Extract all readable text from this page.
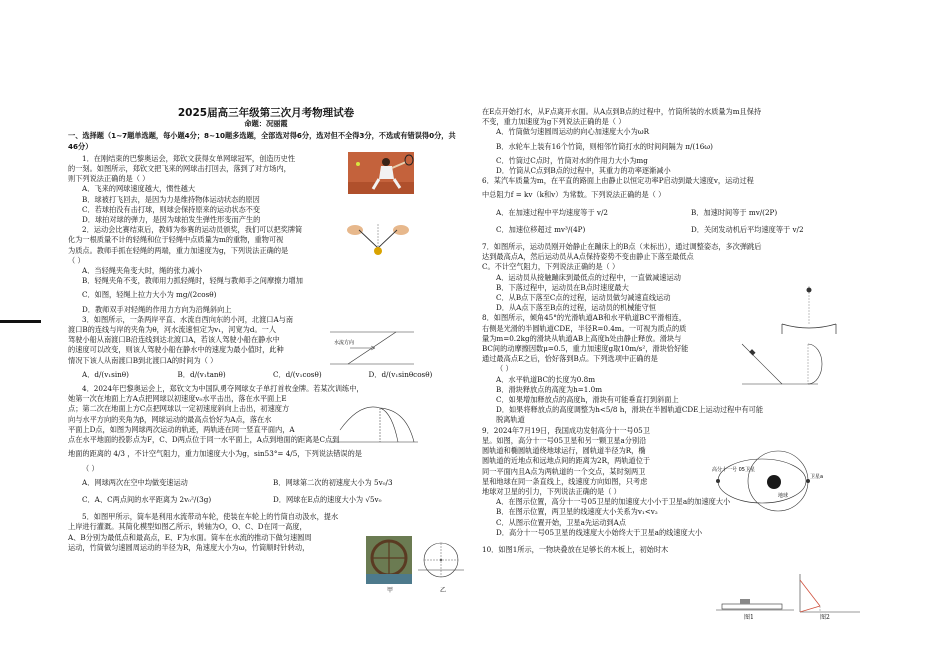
2025届高三年级第三次月考物理试卷
命题：况丽霞
一、选择题（1~7题单选题，每小题4分；8~10题多选题，全部选对得6分，选对但不全得3分，不选或有错误得0分，共46分）

1．在刚结束的巴黎奥运会，郑钦文获得女单网球冠军，创造历史性

的一刻。如图所示，郑钦文把飞来的网球击打回去，落到了对方场内，

则下列说法正确的是（ ）

A．飞来的网球速度越大，惯性越大

B．球被打飞回去，是因为力是维持物体运动状态的原因

C．若球拍没有击打球，则球会保持原来的运动状态不变

D．球拍对球的弹力，是因为球拍发生弹性形变而产生的

2．运动会比赛结束后，教师为参赛的运动员颁奖，我们可以把奖牌简

化为一根质量不计的轻绳和位于轻绳中点质量为m的重物，重物可视

为质点。教师手抓在轻绳的两端，重力加速度为g，下列说法正确的是

（ ）

A．当轻绳夹角变大时，绳的张力减小

B．轻绳夹角不变，教师用力抓轻绳时，轻绳与教师手之间摩擦力增加

C．如图，轻绳上拉力大小为 mg/(2cosθ)

D．教师双手对轻绳的作用力方向为沿绳斜向上

3．如图所示，一条两岸平直、水流自西向东的小河，北渡口A与南

渡口B的连线与岸的夹角为θ，河水流速恒定为v₁，河宽为d。一人

驾驶小船从南渡口B沿连线到达北渡口A，若该人驾驶小船在静水中

的速度可以改变，则该人驾驶小船在静水中的速度为最小值时，此种

情况下该人从南渡口B到北渡口A的时间为（ ）

A．d/(v₁sinθ)	B．d/(v₁tanθ)	C．d/(v₁cosθ)	D．d/(v₁sinθcosθ)

4．2024年巴黎奥运会上，郑钦文为中国队勇夺网球女子单打首枚金牌。若某次训练中，

她第一次在地面上方A点把网球以初速度v₀水平击出，落在水平面上E

点；第二次在地面上方C点把网球以一定初速度斜向上击出，初速度方

向与水平方向的夹角为β，网球运动的最高点恰好为A点，落在水

平面上D点，如图为网球两次运动的轨迹，两轨迹在同一竖直平面内，A

点在水平地面的投影点为F，C、D两点位于同一水平面上，A点到地面的距离是C点到

地面的距离的 4/3 ，不计空气阻力，重力加速度大小为g，sin53°= 4/5，下列说法错误的是

（ ）

A．网球两次在空中均做变速运动	B．网球第二次的初速度大小为 5v₀/3
C．A、C两点间的水平距离为 2v₀²/(3g)	D．网球在E点的速度大小为 √5v₀

5．如图甲所示，筒车是利用水流带动车轮，使装在车轮上的竹筒自动汲水，提水

上岸进行灌溉。其简化模型如图乙所示，转轴为O，O、C、D在同一高度，

A、B分别为最低点和最高点，E、F为水面。筒车在水流的推动下做匀速圆周

运动，竹筒做匀速圆周运动的半径为R，角速度大小为ω，竹筒顺时针转动，

水流方向
甲	乙

在E点开始打水，从F点离开水面。从A点到B点的过程中，竹筒所装的水质量为m且保持

不变，重力加速度为g下列说法正确的是（ ）

A．竹筒做匀速圆周运动的向心加速度大小为ωR

B．水轮车上装有16个竹筒，则相邻竹筒打水的时间间隔为 π/(16ω)

C．竹筒过C点时，竹筒对水的作用力大小为mg

D．竹筒从C点到B点的过程中，其重力的功率逐渐减小

6．某汽车质量为m，在平直的路面上由静止以恒定功率P启动到最大速度v，运动过程

中总阻力f = kv（k和v）为常数。下列说法正确的是（ ）

A．在加速过程中平均速度等于 v/2	B．加速时间等于 mv/(2P)
C．加速位移超过 mv³/(4P)	D．关闭发动机后平均速度等于 v/2

7．如图所示，运动员刚开始静止在蹦床上的B点（未标出），通过调整姿态，多次弹跳后

达到最高点A，然后运动员从A点保持姿势不变由静止下落至最低点

C。不计空气阻力，下列说法正确的是（ ）

A．运动员从接触蹦床到最低点的过程中，一直做减速运动

B．下落过程中，运动员在B点时速度最大

C．从B点下落至C点的过程，运动员做匀减速直线运动

D．从A点下落至B点的过程，运动员的机械能守恒

8．如图所示，倾角45°的光滑轨道AB和水平轨道BC平滑相连，

右侧是光滑的半圆轨道CDE，半径R=0.4m。一可视为质点的质

量为m=0.2kg的滑块从轨道AB上高度h处由静止释放。滑块与

BC间的动摩擦因数μ=0.5，重力加速度g取10m/s²，滑块恰好能

通过最高点E之后，恰好落到B点。下列选项中正确的是

（ ）

A．水平轨道BC的长度为0.8m

B．滑块释放点的高度为h=1.0m

C．如果增加释放点的高度h，滑块有可能垂直打到斜面上

D．如果将释放点的高度调整为h<5/8 h，滑块在半圆轨道CDE上运动过程中有可能

脱离轨道

9．2024年7月19日，我国成功发射高分十一号05卫

星。如图，高分十一号05卫星和另一颗卫星a分别沿

圆轨道和椭圆轨道绕地球运行，圆轨道半径为R，椭

圆轨道的近地点和远地点间的距离为2R，两轨道位于

同一平面内且A点为两轨道的一个交点，某时刻两卫

星和地球在同一条直线上，线速度方向如图，只考虑

地球对卫星的引力，下列说法正确的是（ ）

A．在图示位置，高分十一号05卫星的加速度大小小于卫星a的加速度大小

B．在图示位置，两卫星的线速度大小关系为v₁<v₂

C．从图示位置开始，卫星a先运动到A点

D．高分十一号05卫星的线速度大小始终大于卫星a的线速度大小

10．如图1所示，一物块叠放在足够长的木板上，初始时木

高分十一号 05卫星
卫星a
地球
图1	图2
